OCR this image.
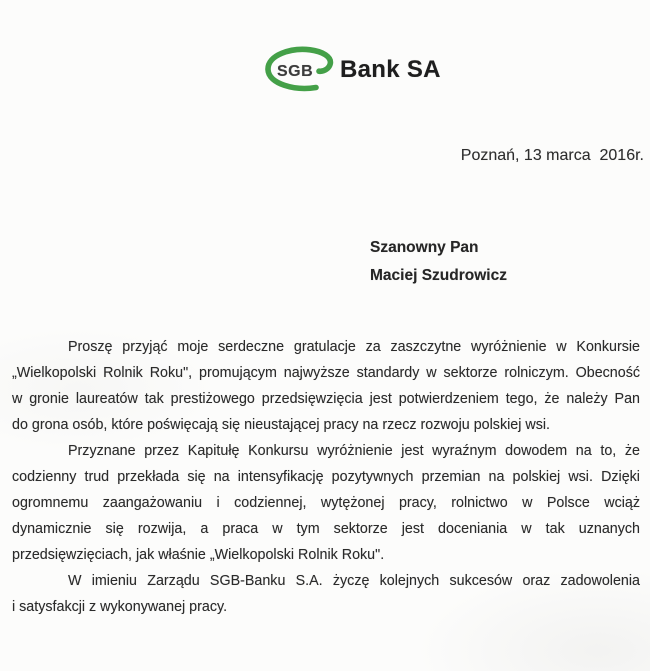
SGB Bank SA
Poznań, 13 marca  2016r.
Szanowny Pan
Maciej Szudrowicz

Proszę przyjąć moje serdeczne gratulacje za zaszczytne wyróżnienie w Konkursie

„Wielkopolski Rolnik Roku", promującym najwyższe standardy w sektorze rolniczym. Obecność

w gronie laureatów tak prestiżowego przedsięwzięcia jest potwierdzeniem tego, że należy Pan

do grona osób, które poświęcają się nieustającej pracy na rzecz rozwoju polskiej wsi.

Przyznane przez Kapitułę Konkursu wyróżnienie jest wyraźnym dowodem na to, że

codzienny trud przekłada się na intensyfikację pozytywnych przemian na polskiej wsi. Dzięki

ogromnemu zaangażowaniu i codziennej, wytężonej pracy, rolnictwo w Polsce wciąż

dynamicznie się rozwija, a praca w tym sektorze jest doceniania w tak uznanych

przedsięwzięciach, jak właśnie „Wielkopolski Rolnik Roku".

W imieniu Zarządu SGB-Banku S.A. życzę kolejnych sukcesów oraz zadowolenia

i satysfakcji z wykonywanej pracy.
